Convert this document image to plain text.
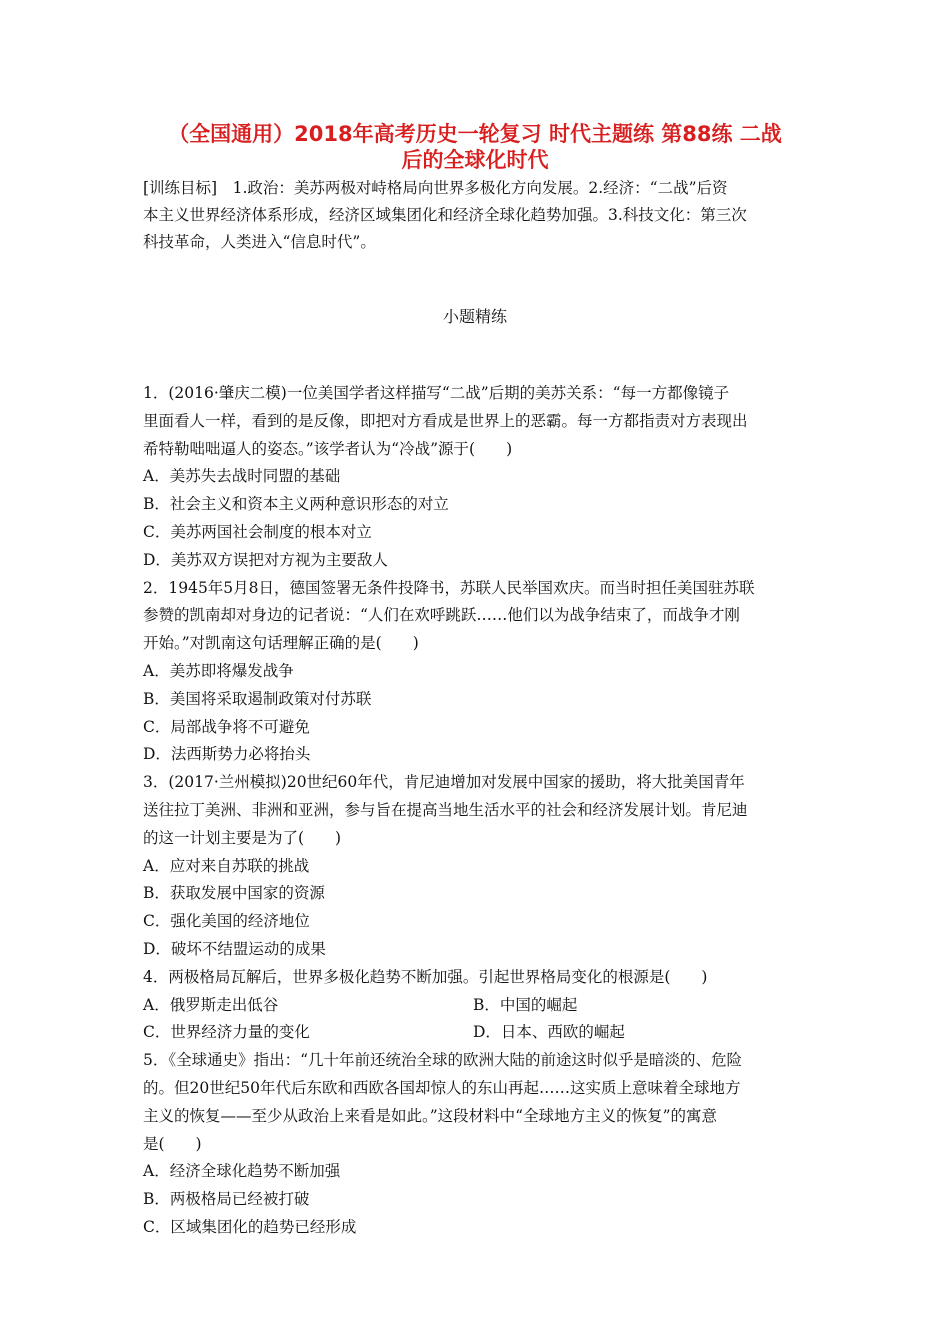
（全国通用）2018年高考历史一轮复习 时代主题练 第88练 二战
后的全球化时代
[训练目标]　1.政治：美苏两极对峙格局向世界多极化方向发展。2.经济：“二战”后资
本主义世界经济体系形成，经济区域集团化和经济全球化趋势加强。3.科技文化：第三次
科技革命，人类进入“信息时代”。
小题精练
1．(2016·肇庆二模)一位美国学者这样描写“二战”后期的美苏关系：“每一方都像镜子
里面看人一样，看到的是反像，即把对方看成是世界上的恶霸。每一方都指责对方表现出
希特勒咄咄逼人的姿态。”该学者认为“冷战”源于(　　)
A．美苏失去战时同盟的基础
B．社会主义和资本主义两种意识形态的对立
C．美苏两国社会制度的根本对立
D．美苏双方误把对方视为主要敌人
2．1945年5月8日，德国签署无条件投降书，苏联人民举国欢庆。而当时担任美国驻苏联
参赞的凯南却对身边的记者说：“人们在欢呼跳跃……他们以为战争结束了，而战争才刚
开始。”对凯南这句话理解正确的是(　　)
A．美苏即将爆发战争
B．美国将采取遏制政策对付苏联
C．局部战争将不可避免
D．法西斯势力必将抬头
3．(2017·兰州模拟)20世纪60年代，肯尼迪增加对发展中国家的援助，将大批美国青年
送往拉丁美洲、非洲和亚洲，参与旨在提高当地生活水平的社会和经济发展计划。肯尼迪
的这一计划主要是为了(　　)
A．应对来自苏联的挑战
B．获取发展中国家的资源
C．强化美国的经济地位
D．破坏不结盟运动的成果
4．两极格局瓦解后，世界多极化趋势不断加强。引起世界格局变化的根源是(　　)
A．俄罗斯走出低谷	B．中国的崛起
C．世界经济力量的变化	D．日本、西欧的崛起
5．《全球通史》指出：“几十年前还统治全球的欧洲大陆的前途这时似乎是暗淡的、危险
的。但20世纪50年代后东欧和西欧各国却惊人的东山再起……这实质上意味着全球地方
主义的恢复——至少从政治上来看是如此。”这段材料中“全球地方主义的恢复”的寓意
是(　　)
A．经济全球化趋势不断加强
B．两极格局已经被打破
C．区域集团化的趋势已经形成
